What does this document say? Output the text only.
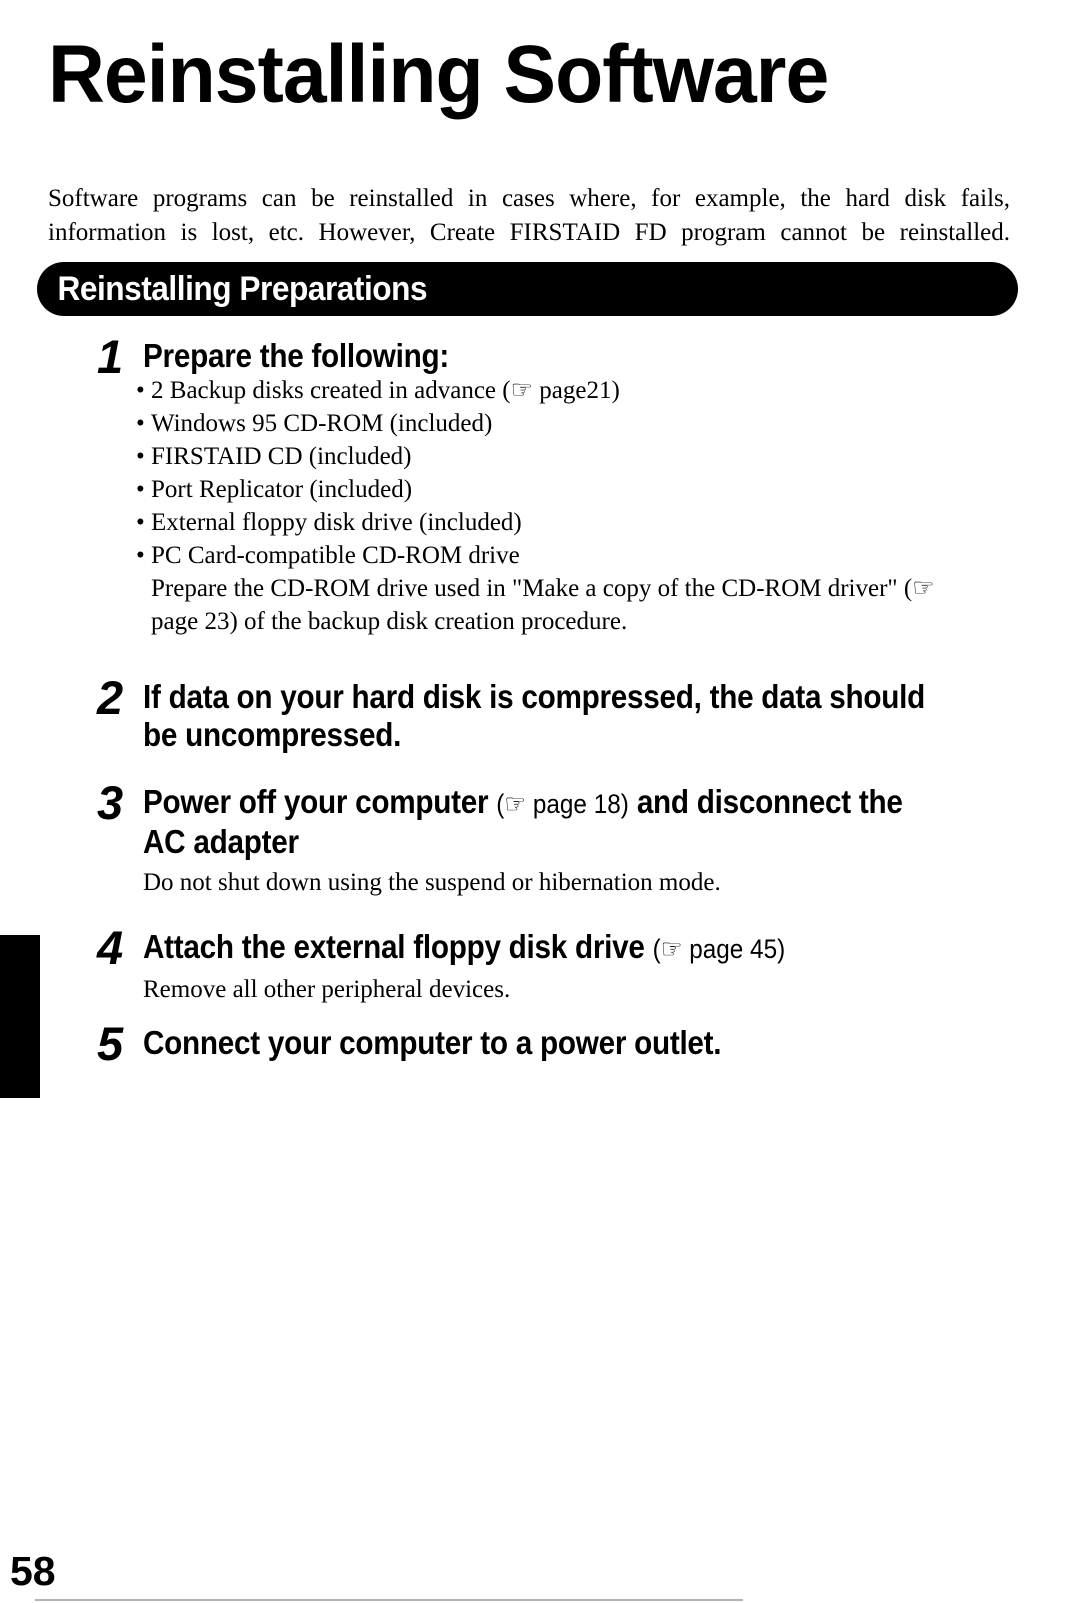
Reinstalling Software
Software programs can be reinstalled in cases where, for example, the hard disk fails,
information is lost, etc. However, Create FIRSTAID FD program cannot be reinstalled.
Reinstalling Preparations
1 Prepare the following:
• 2 Backup disks created in advance (☞ page21)
• Windows 95 CD-ROM (included)
• FIRSTAID CD (included)
• Port Replicator (included)
• External floppy disk drive (included)
• PC Card-compatible CD-ROM drive
Prepare the CD-ROM drive used in "Make a copy of the CD-ROM driver" (☞
page 23) of the backup disk creation procedure.
2 If data on your hard disk is compressed, the data should
be uncompressed.
3 Power off your computer (☞ page 18) and disconnect the
AC adapter
Do not shut down using the suspend or hibernation mode.
4 Attach the external floppy disk drive (☞ page 45)
Remove all other peripheral devices.
5 Connect your computer to a power outlet.
58
